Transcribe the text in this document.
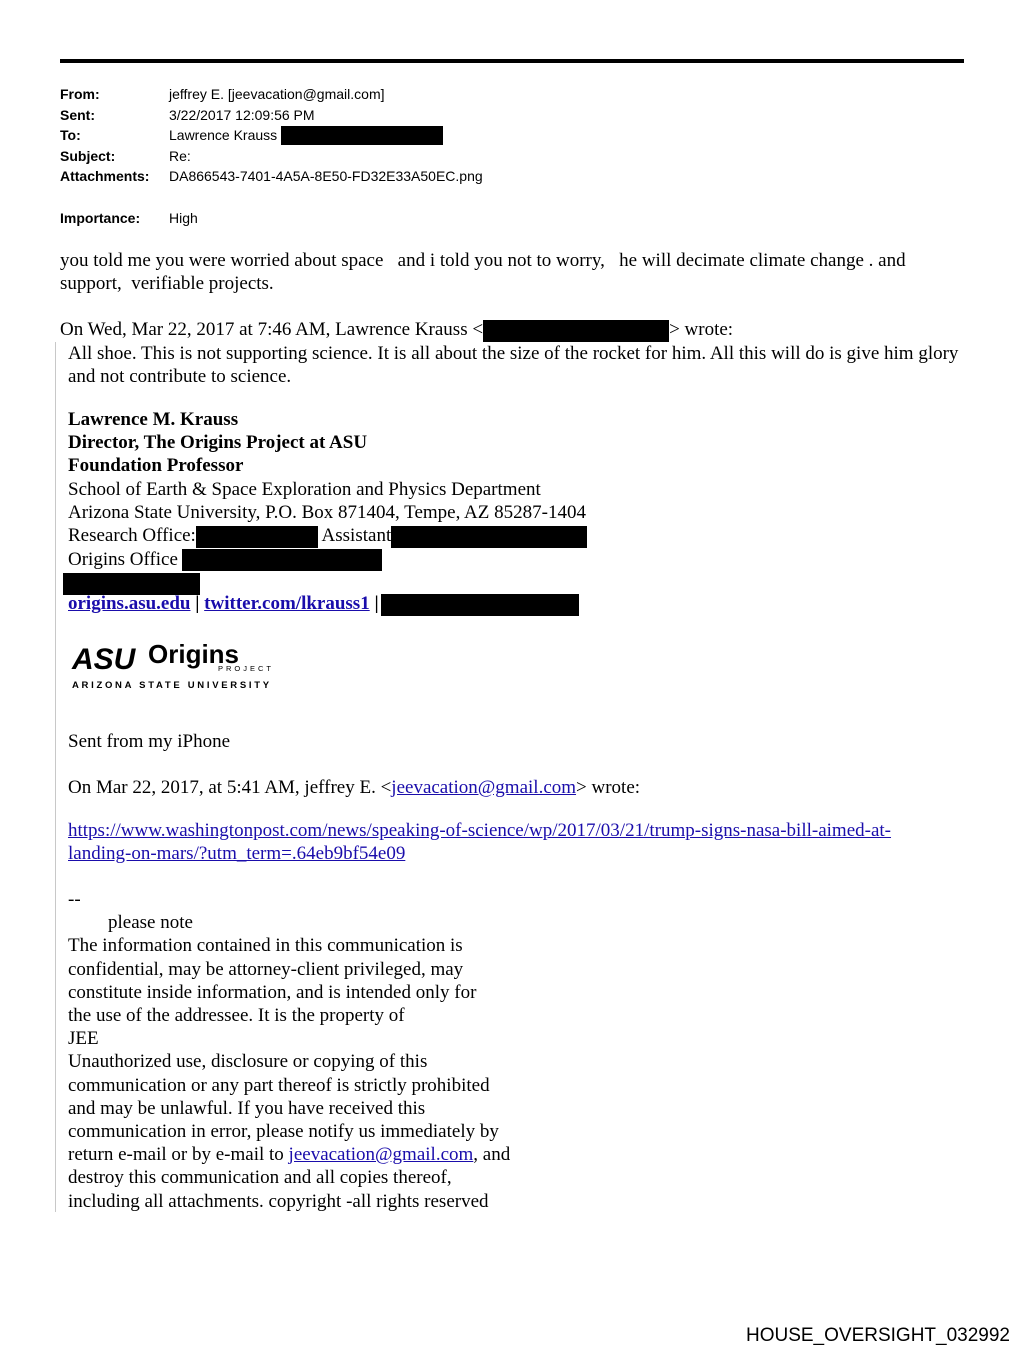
From:	jeffrey E. [jeevacation@gmail.com]
Sent:	3/22/2017 12:09:56 PM
To:	Lawrence Krauss
Subject:	Re:
Attachments:	DA866543-7401-4A5A-8E50-FD32E33A50EC.png
Importance:	High
you told me you were worried about space   and i told you not to worry,   he will decimate climate change . and
support,  verifiable projects.
On Wed, Mar 22, 2017 at 7:46 AM, Lawrence Krauss <	> wrote:
All shoe. This is not supporting science. It is all about the size of the rocket for him. All this will do is give him glory and not contribute to science.
Lawrence M. Krauss
Director, The Origins Project at ASU
Foundation Professor
School of Earth & Space Exploration and Physics Department
Arizona State University, P.O. Box 871404, Tempe, AZ 85287-1404
Research Office:	Assistant
Origins Office
origins.asu.edu | twitter.com/lkrauss1 |
ASU Origins
PROJECT
ARIZONA STATE UNIVERSITY
Sent from my iPhone
On Mar 22, 2017, at 5:41 AM, jeffrey E. <jeevacation@gmail.com> wrote:
https://www.washingtonpost.com/news/speaking-of-science/wp/2017/03/21/trump-signs-nasa-bill-aimed-at-
landing-on-mars/?utm_term=.64eb9bf54e09
--
please note
The information contained in this communication is
confidential, may be attorney-client privileged, may
constitute inside information, and is intended only for
the use of the addressee. It is the property of
JEE
Unauthorized use, disclosure or copying of this
communication or any part thereof is strictly prohibited
and may be unlawful. If you have received this
communication in error, please notify us immediately by
return e-mail or by e-mail to jeevacation@gmail.com, and
destroy this communication and all copies thereof,
including all attachments. copyright -all rights reserved
HOUSE_OVERSIGHT_032992
